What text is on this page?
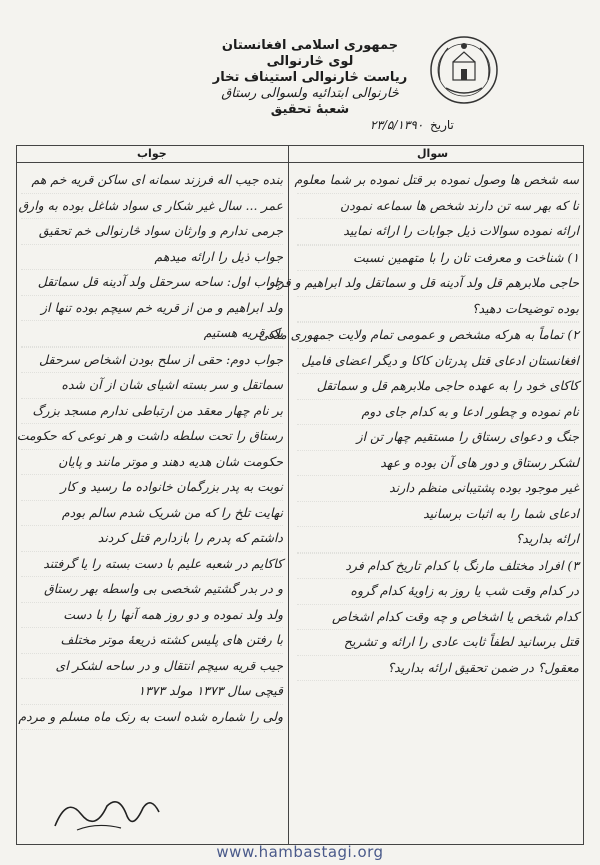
جمهوری اسلامی افغانستان
لوی څارنوالی
ریاست څارنوالی استیناف تخار
څارنوالی ابتدائیه ولسوالی رستاق
شعبهٔ تحقیق
تاریخ
۲۳/۵/۱۳۹۰
جواب	سوال
بنده جیب اله فرزند سمانه ای ساکن قریه خم هم
عمر ... سال غیر شکار ی سواد شاغل بوده به وارق
جرمی ندارم و وارثان سواد څارنوالی خم تحقیق
جواب ذیل را ارائه میدهم
جواب اول: ساحه سرحقل ولد آدینه قل سماتقل
ولد ابراهیم و من از قریه خم سیچم بوده تنها از
یک قریه هستیم
جواب دوم: حقی از سلح بودن اشخاص سرحقل
سماتقل و سر بسته اشیای شان از آن شده
بر نام چهار معقد من ارتباطی ندارم مسجد بزرگ
رستاق را تحت سلطه داشت و هر نوعی که حکومت
حکومت شان هدیه دهند و موتر مانند و پایان
نوبت به پدر بزرگمان خانواده ما رسید و کار
نهایت تلخ را که من شریک شدم سالم بودم
داشتم که پدرم را بازدارم قتل کردند
کاکایم در شعبه علیم با دست بسته را یا گرفتند
و در بدر گشتیم شخصی بی واسطه بهر رستاق
ولد ولد نموده و دو روز همه آنها را با دست
با رفتن های پلیس کشته ذریعهٔ موتر مختلف
جیب قریه سیچم انتقال و در ساحه لشکر ای
قیچی سال ۱۳۷۳ مولد ۱۳۷۳
ولی را شماره شده است به رنک ماه مسلم و مردم
سه شخص ها وصول نموده بر قتل نموده بر شما معلوم
نا که بهر سه تن دارند شخص ها سماعه نمودن
ارائه نموده سوالات ذیل جوابات را ارائه نمایید
۱) شناخت و معرفت تان را با متهمین نسبت
حاجی ملابرهم قل ولد آدینه قل و سماتقل ولد ابراهیم و قرار
بوده توضیحات دهید؟
۲) تماماً به هرکه مشخص و عمومی تمام ولایت جمهوری ملکی
افغانستان ادعای قتل پدرتان کاکا و دیگر اعضای فامیل
کاکای خود را به عهده حاجی ملابرهم قل و سماتقل
نام نموده و چطور ادعا و به کدام جای دوم
جنگ و دعوای رستاق را مستقیم چهار تن از
لشکر رستاق و دور های آن بوده و عهد
غیر موجود بوده پشتیبانی منظم دارند
ادعای شما را به اثبات برسانید
ارائه بدارید؟
۳) افراد مختلف مارنگ با کدام تاریخ کدام فرد
در کدام وقت شب یا روز به زاویهٔ کدام گروه
کدام شخص یا اشخاص و چه وقت کدام اشخاص
قتل برسانید لطفاً ثابت عادی را ارائه و تشریح
معقول؟ در ضمن تحقیق ارائه بدارید؟
www.hambastagi.org
